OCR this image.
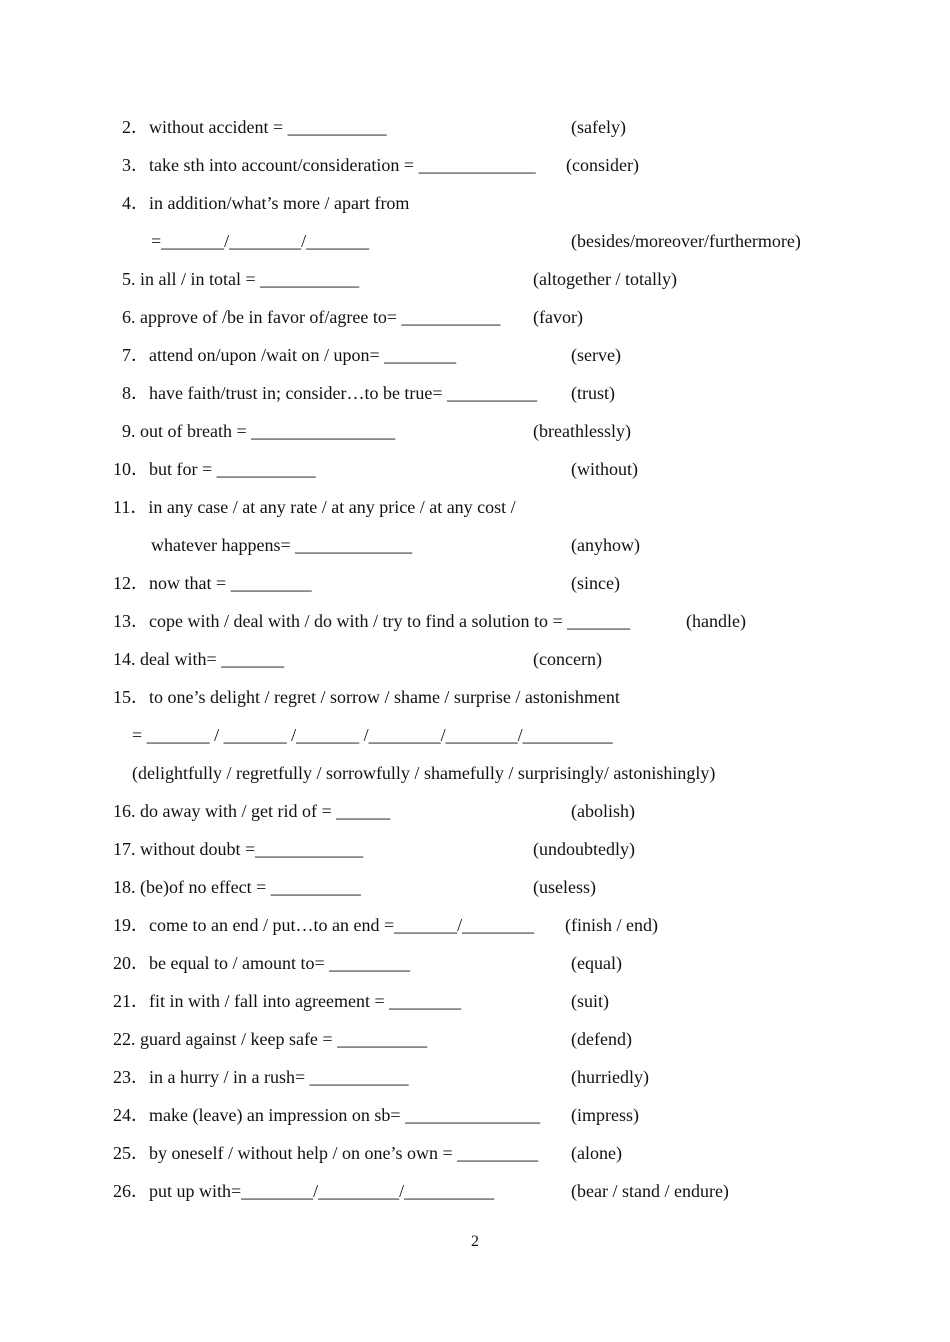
2．without accident = ___________	(safely)
3．take sth into account/consideration = _____________ (consider)
4．in addition/what’s more / apart from
=_______/________/_______	(besides/moreover/furthermore)
5. in all / in total = ___________	(altogether / totally)
6. approve of /be in favor of/agree to= ___________ (favor)
7．attend on/upon /wait on / upon= ________	(serve)
8．have faith/trust in; consider…to be true= __________ (trust)
9. out of breath = ________________	(breathlessly)
10．but for = ___________	(without)
11．in any case / at any rate / at any price / at any cost /
whatever happens= _____________	(anyhow)
12．now that = _________	(since)
13．cope with / deal with / do with / try to find a solution to = _______	(handle)
14. deal with= _______	(concern)
15．to one’s delight / regret / sorrow / shame / surprise / astonishment
= _______ / _______ /_______ /________/________/__________
(delightfully / regretfully / sorrowfully / shamefully / surprisingly/ astonishingly)
16. do away with / get rid of = ______	(abolish)
17. without doubt =____________	(undoubtedly)
18. (be)of no effect = __________	(useless)
19．come to an end / put…to an end =_______/________ (finish / end)
20．be equal to / amount to= _________	(equal)
21．fit in with / fall into agreement = ________	(suit)
22. guard against / keep safe = __________	(defend)
23．in a hurry / in a rush= ___________	(hurriedly)
24．make (leave) an impression on sb= _______________ (impress)
25．by oneself / without help / on one’s own = _________ (alone)
26．put up with=________/_________/__________	(bear / stand / endure)
2
